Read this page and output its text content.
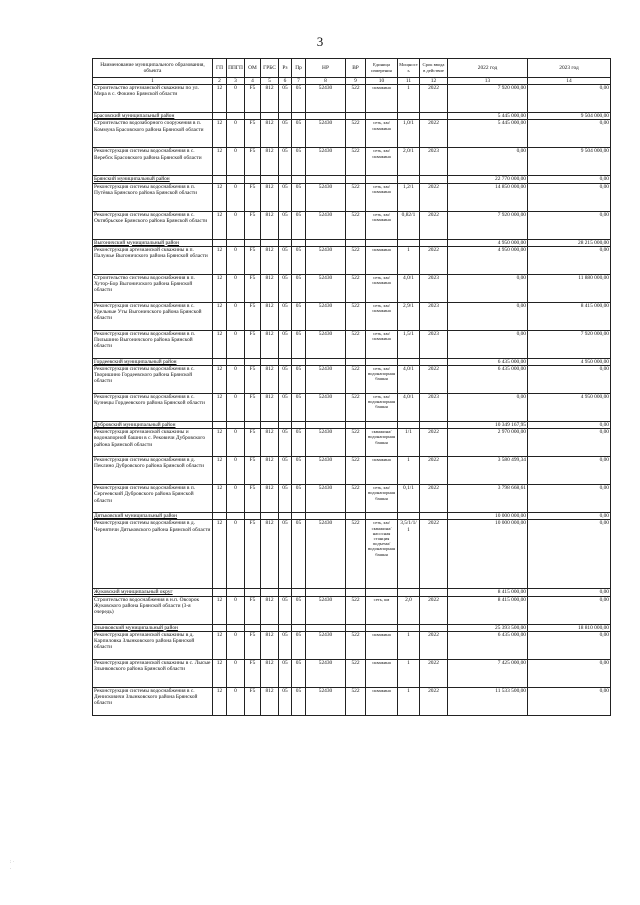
3
Наименование муниципального образования, объекта	ГП	ППГП	ОМ	ГРБС	Рз	Пр	НР	ВР	Единица измерения	Мощность	Срок ввода в действие	2022 год	2023 год
1	2	3	4	5	6	7	8	9	10	11	12	13	14
Строительство артезианской скважины по ул. Мира в с. Фокино Брянской области	12	0	F5	812	05	05	52430	522	скважина	1	2022	7 920 000,00	0,00
Брасовский муниципальный район												5 445 000,00	9 504 000,00
Строительство водозаборного сооружения в п. Коммуна Брасовского района Брянской области	12	0	F5	812	05	05	52430	522	сеть, км/скважина	1,0/1	2022	5 445 000,00	0,00
Реконструкция системы водоснабжения в с. Веребск Брасовского района Брянской области	12	0	F5	812	05	05	52430	522	сеть, км/скважина	2,0/1	2023	0,00	9 504 000,00
Брянский муниципальный район												22 770 000,00	0,00
Реконструкция системы водоснабжения в п. Путёвка Брянского района Брянской области	12	0	F5	812	05	05	52430	522	сеть, км/скважина	1,2/1	2022	14 850 000,00	0,00
Реконструкция системы водоснабжения в с. Октябрьское Брянского района Брянской области	12	0	F5	812	05	05	52430	522	сеть, км/скважина	0,82/1	2022	7 920 000,00	0,00
Выгоничский муниципальный район												4 950 000,00	28 215 000,00
Реконструкция артезианской скважины в п. Палужье Выгоничского района Брянской области	12	0	F5	812	05	05	52430	522	скважина	1	2022	4 950 000,00	0,00
Строительство системы водоснабжения в п. Хутор-Бор Выгоничского района Брянской области	12	0	F5	812	05	05	52430	522	сеть, км/скважина	4,0/1	2023	0,00	11 880 000,00
Реконструкция системы водоснабжения в с. Удельные Уты Выгоничского района Брянской области	12	0	F5	812	05	05	52430	522	сеть, км/скважина	2,9/1	2023	0,00	8 415 000,00
Реконструкция системы водоснабжения в п. Пильшино Выгоничского района Брянской области	12	0	F5	812	05	05	52430	522	сеть, км/скважина	1,5/1	2023	0,00	7 920 000,00
Гордеевский муниципальный район												6 435 000,00	4 950 000,00
Реконструкция системы водоснабжения в с. Творишино Гордеевского района Брянской области	12	0	F5	812	05	05	52430	522	сеть, км/водонапорная башня	4,0/1	2022	6 435 000,00	0,00
Реконструкция системы водоснабжения в с. Кузнецы Гордеевского района Брянской области	12	0	F5	812	05	05	52430	522	сеть, км/водонапорная башня	4,0/1	2023	0,00	4 950 000,00
Дубровский муниципальный район												10 349 167,95	0,00
Реконструкция артезианской скважины и водонапорной башни в с. Рековичи Дубровского района Брянской области	12	0	F5	812	05	05	52430	522	скважина/водонапорная башня	1/1	2022	2 970 000,00	0,00
Реконструкция системы водоснабжения в д. Пеклино Дубровского района Брянской области	12	0	F5	812	05	05	52430	522	скважина	1	2022	3 580 499,34	0,00
Реконструкция системы водоснабжения в п. Сергеевский Дубровского района Брянской области	12	0	F5	812	05	05	52430	522	сеть, км/водонапорная башня	0,1/1	2022	3 798 668,61	0,00
Дятьковский муниципальный район												10 000 000,00	0,00
Реконструкция системы водоснабжения в д. Чернятичи Дятьковского района Брянской области	12	0	F5	812	05	05	52430	522	сеть, км/скважина/насосная станция подъема/водонапорная башня	3,5/1/1/1	2022	10 000 000,00	0,00
Жуковский муниципальный округ												8 415 000,00	0,00
Строительство водоснабжения в н.п. Овсорок Жуковского района Брянской области (3-я очередь)	12	0	F5	812	05	05	52430	522	сеть, км	2,0	2022	8 415 000,00	0,00
Злынковский муниципальный район												25 393 500,00	18 810 000,00
Реконструкция артезианской скважины в д. Карпиловка Злынковского района Брянской области	12	0	F5	812	05	05	52430	522	скважина	1	2022	6 435 000,00	0,00
Реконструкция артезианской скважины в с. Лысые Злынковского района Брянской области	12	0	F5	812	05	05	52430	522	скважина	1	2022	7 425 000,00	0,00
Реконструкция системы водоснабжения в с. Денисковичи Злынковского района Брянской области	12	0	F5	812	05	05	52430	522	скважина	1	2022	11 533 500,00	0,00
: · .
